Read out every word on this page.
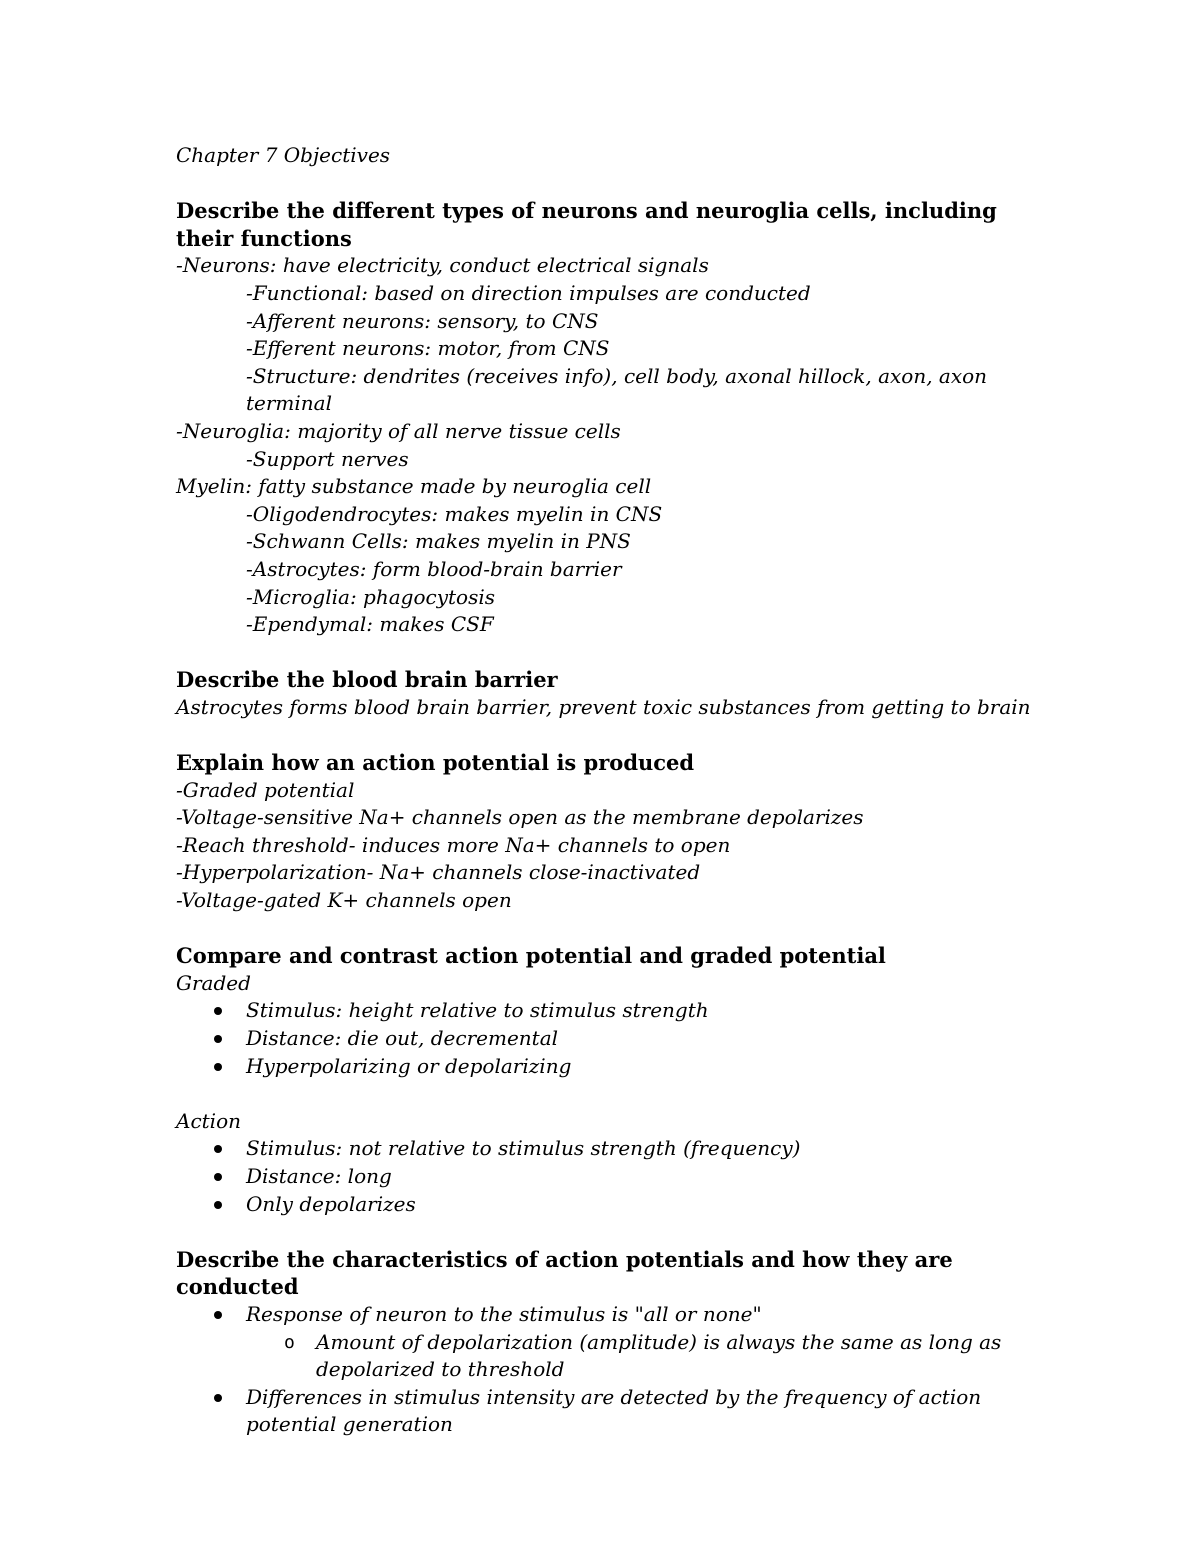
Chapter 7 Objectives
Describe the different types of neurons and neuroglia cells, including their functions
-Neurons: have electricity, conduct electrical signals
-Functional: based on direction impulses are conducted
-Afferent neurons: sensory, to CNS
-Efferent neurons: motor, from CNS
-Structure: dendrites (receives info), cell body, axonal hillock, axon, axon terminal
-Neuroglia: majority of all nerve tissue cells
-Support nerves
Myelin: fatty substance made by neuroglia cell
-Oligodendrocytes: makes myelin in CNS
-Schwann Cells: makes myelin in PNS
-Astrocytes: form blood-brain barrier
-Microglia: phagocytosis
-Ependymal: makes CSF
Describe the blood brain barrier
Astrocytes forms blood brain barrier, prevent toxic substances from getting to brain
Explain how an action potential is produced
-Graded potential
-Voltage-sensitive Na+ channels open as the membrane depolarizes
-Reach threshold- induces more Na+ channels to open
-Hyperpolarization- Na+ channels close-inactivated
-Voltage-gated K+ channels open
Compare and contrast action potential and graded potential
Graded
Stimulus: height relative to stimulus strength
Distance: die out, decremental
Hyperpolarizing or depolarizing
Action
Stimulus: not relative to stimulus strength (frequency)
Distance: long
Only depolarizes
Describe the characteristics of action potentials and how they are conducted
Response of neuron to the stimulus is "all or none"
o Amount of depolarization (amplitude) is always the same as long as depolarized to threshold
Differences in stimulus intensity are detected by the frequency of action potential generation
